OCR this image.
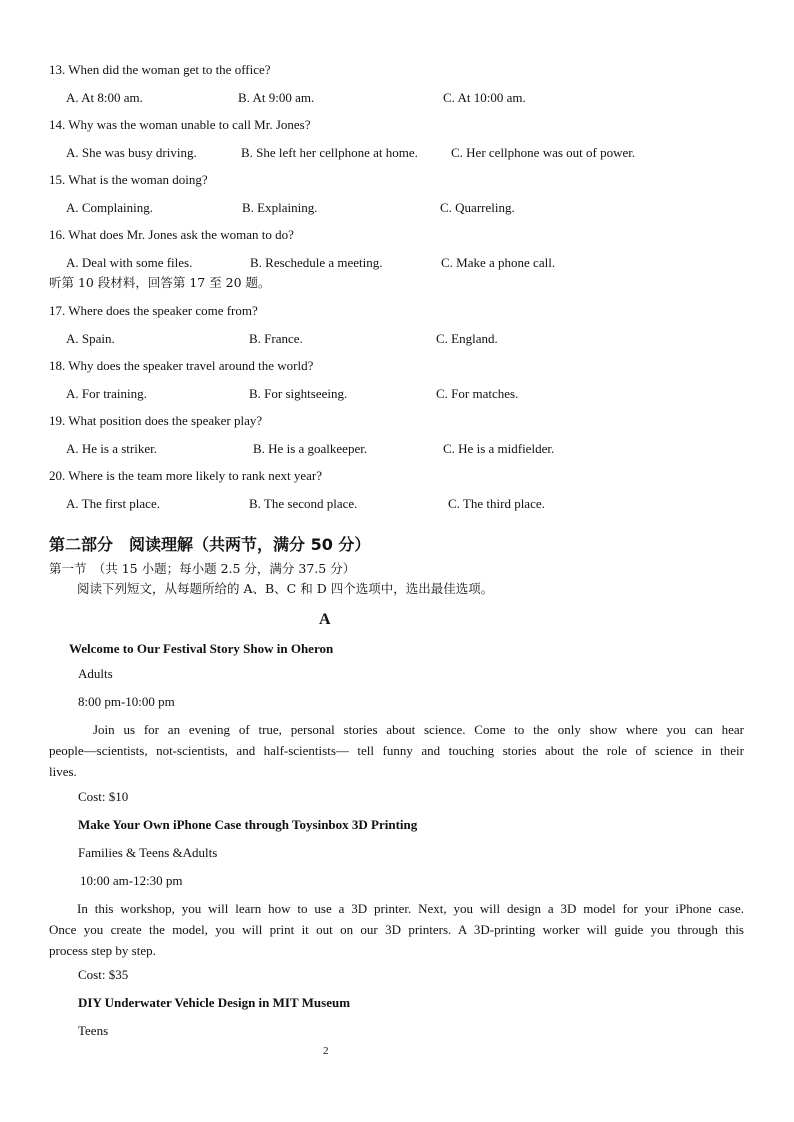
13. When did the woman get to the office?
A. At 8:00 am.	B. At 9:00 am.	C. At 10:00 am.
14. Why was the woman unable to call Mr. Jones?
A. She was busy driving.	B. She left her cellphone at home.	C. Her cellphone was out of power.
15. What is the woman doing?
A. Complaining.	B. Explaining.	C. Quarreling.
16. What does Mr. Jones ask the woman to do?
A. Deal with some files.	B. Reschedule a meeting.	C. Make a phone call.
听第 10 段材料，回答第 17 至 20 题。
17. Where does the speaker come from?
A. Spain.	B. France.	C. England.
18. Why does the speaker travel around the world?
A. For training.	B. For sightseeing.	C. For matches.
19. What position does the speaker play?
A. He is a striker.	B. He is a goalkeeper.	C. He is a midfielder.
20. Where is the team more likely to rank next year?
A. The first place.	B. The second place.	C. The third place.
第二部分　阅读理解（共两节，满分 50 分）
第一节　（共 15 小题；每小题 2.5 分，满分 37.5 分）
阅读下列短文，从每题所给的 A、B、C 和 D 四个选项中，选出最佳选项。
A
Welcome to Our Festival Story Show in Oheron
Adults
8:00 pm-10:00 pm
Join us for an evening of true, personal stories about science. Come to the only show where you can hear
people—scientists, not-scientists, and half-scientists— tell funny and touching stories about the role of science in their
lives.
Cost: $10
Make Your Own iPhone Case through Toysinbox 3D Printing
Families & Teens &Adults
10:00 am-12:30 pm
In this workshop, you will learn how to use a 3D printer. Next, you will design a 3D model for your iPhone case.
Once you create the model, you will print it out on our 3D printers. A 3D-printing worker will guide you through this
process step by step.
Cost: $35
DIY Underwater Vehicle Design in MIT Museum
Teens
2
